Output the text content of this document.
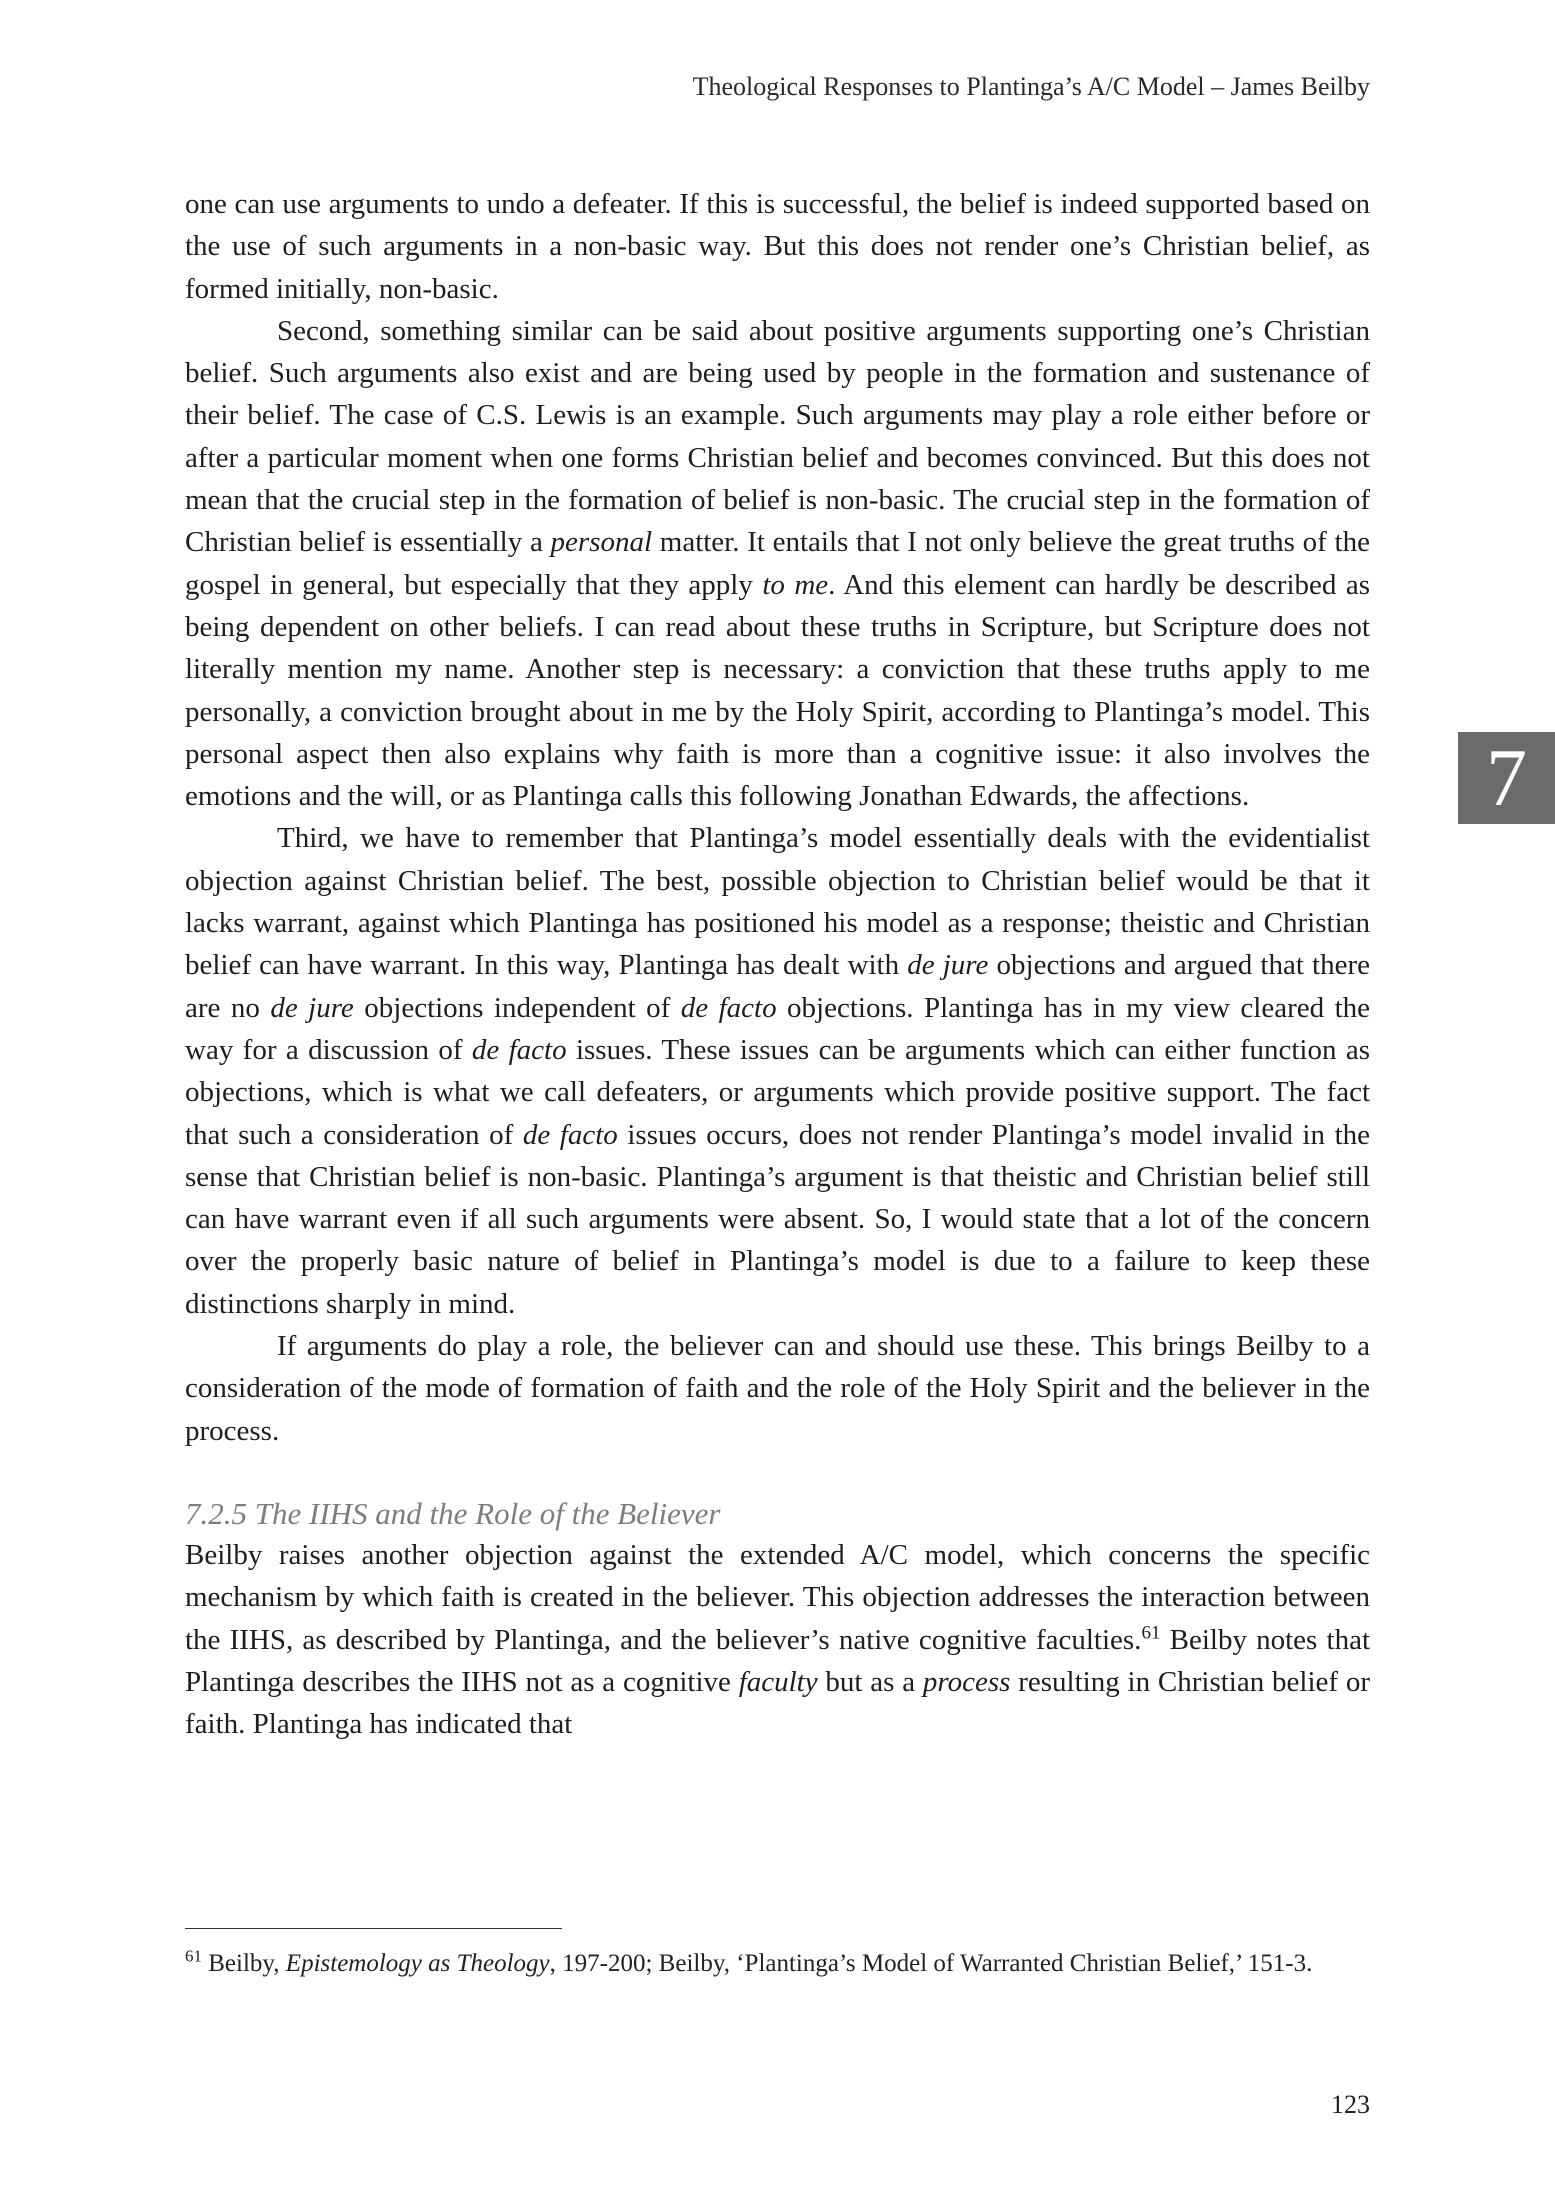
Theological Responses to Plantinga’s A/C Model – James Beilby

one can use arguments to undo a defeater. If this is successful, the belief is indeed supported based on the use of such arguments in a non-basic way. But this does not render one’s Christian belief, as formed initially, non-basic.

Second, something similar can be said about positive arguments supporting one’s Christian belief. Such arguments also exist and are being used by people in the formation and sustenance of their belief. The case of C.S. Lewis is an example. Such arguments may play a role either before or after a particular moment when one forms Christian belief and becomes convinced. But this does not mean that the crucial step in the formation of belief is non-basic. The crucial step in the formation of Christian belief is essentially a personal matter. It entails that I not only believe the great truths of the gospel in general, but especially that they apply to me. And this element can hardly be described as being dependent on other beliefs. I can read about these truths in Scripture, but Scripture does not literally mention my name. Another step is necessary: a conviction that these truths apply to me personally, a conviction brought about in me by the Holy Spirit, according to Plantinga’s model. This personal aspect then also explains why faith is more than a cognitive issue: it also involves the emotions and the will, or as Plantinga calls this following Jonathan Edwards, the affections.

Third, we have to remember that Plantinga’s model essentially deals with the evidentialist objection against Christian belief. The best, possible objection to Christian belief would be that it lacks warrant, against which Plantinga has positioned his model as a response; theistic and Christian belief can have warrant. In this way, Plantinga has dealt with de jure objections and argued that there are no de jure objections independent of de facto objections. Plantinga has in my view cleared the way for a discussion of de facto issues. These issues can be arguments which can either function as objections, which is what we call defeaters, or arguments which provide positive support. The fact that such a consideration of de facto issues occurs, does not render Plantinga’s model invalid in the sense that Christian belief is non-basic. Plantinga’s argument is that theistic and Christian belief still can have warrant even if all such arguments were absent. So, I would state that a lot of the concern over the properly basic nature of belief in Plantinga’s model is due to a failure to keep these distinctions sharply in mind.

If arguments do play a role, the believer can and should use these. This brings Beilby to a consideration of the mode of formation of faith and the role of the Holy Spirit and the believer in the process.

7.2.5 The IIHS and the Role of the Believer

Beilby raises another objection against the extended A/C model, which concerns the specific mechanism by which faith is created in the believer. This objection addresses the interaction between the IIHS, as described by Plantinga, and the believer’s native cognitive faculties.$^{61}$ Beilby notes that Plantinga describes the IIHS not as a cognitive faculty but as a process resulting in Christian belief or faith. Plantinga has indicated that

7
$^{61}$ Beilby, Epistemology as Theology, 197-200; Beilby, ‘Plantinga’s Model of Warranted Christian Belief,’ 151-3.
123
